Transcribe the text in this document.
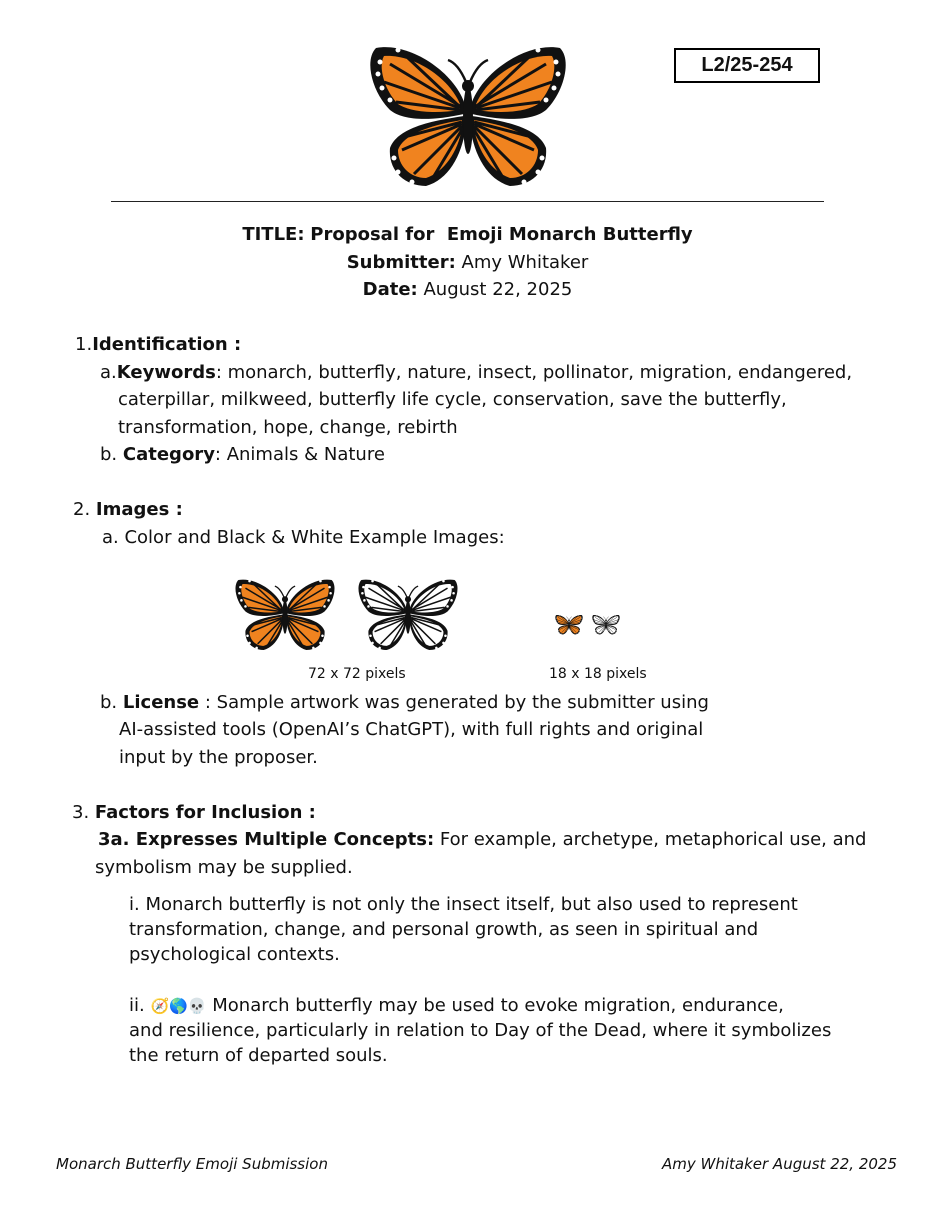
L2/25-254
TITLE: Proposal for  Emoji Monarch Butterfly
Submitter: Amy Whitaker
Date: August 22, 2025
1.Identification :
a.Keywords: monarch, butterfly, nature, insect, pollinator, migration, endangered,
caterpillar, milkweed, butterfly life cycle, conservation, save the butterfly,
transformation, hope, change, rebirth
b. Category: Animals & Nature
2. Images :
a. Color and Black & White Example Images:
72 x 72 pixels	18 x 18 pixels
b. License : Sample artwork was generated by the submitter using
AI-assisted tools (OpenAI’s ChatGPT), with full rights and original
input by the proposer.
3. Factors for Inclusion :
3a. Expresses Multiple Concepts: For example, archetype, metaphorical use, and
symbolism may be supplied.
i. Monarch butterfly is not only the insect itself, but also used to represent
transformation, change, and personal growth, as seen in spiritual and
psychological contexts.
ii. 🧭🌎💀 Monarch butterfly may be used to evoke migration, endurance,
and resilience, particularly in relation to Day of the Dead, where it symbolizes
the return of departed souls.
Monarch Butterfly Emoji Submission	Amy Whitaker August 22, 2025
